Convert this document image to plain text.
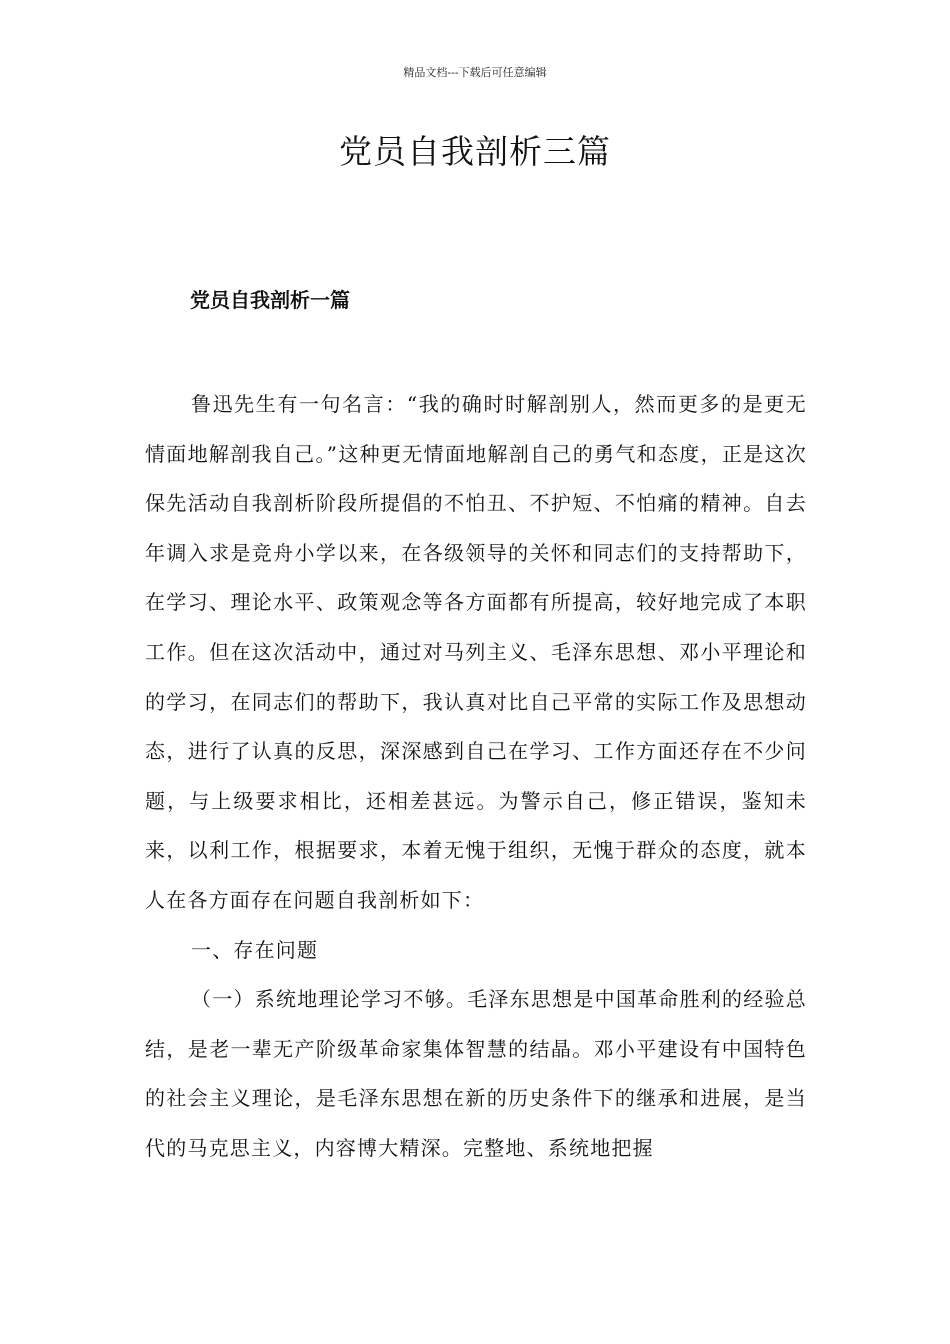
精品文档---下载后可任意编辑
党员自我剖析三篇
党员自我剖析一篇

鲁迅先生有一句名言：“我的确时时解剖别人，然而更多的是更无情面地解剖我自己。”这种更无情面地解剖自己的勇气和态度，正是这次保先活动自我剖析阶段所提倡的不怕丑、不护短、不怕痛的精神。自去年调入求是竞舟小学以来，在各级领导的关怀和同志们的支持帮助下，在学习、理论水平、政策观念等各方面都有所提高，较好地完成了本职工作。但在这次活动中，通过对马列主义、毛泽东思想、邓小平理论和的学习，在同志们的帮助下，我认真对比自己平常的实际工作及思想动态，进行了认真的反思，深深感到自己在学习、工作方面还存在不少问题，与上级要求相比，还相差甚远。为警示自己，修正错误，鉴知未来，以利工作，根据要求，本着无愧于组织，无愧于群众的态度，就本人在各方面存在问题自我剖析如下：

一、存在问题

（一）系统地理论学习不够。毛泽东思想是中国革命胜利的经验总结，是老一辈无产阶级革命家集体智慧的结晶。邓小平建设有中国特色的社会主义理论，是毛泽东思想在新的历史条件下的继承和进展，是当代的马克思主义，内容博大精深。完整地、系统地把握
